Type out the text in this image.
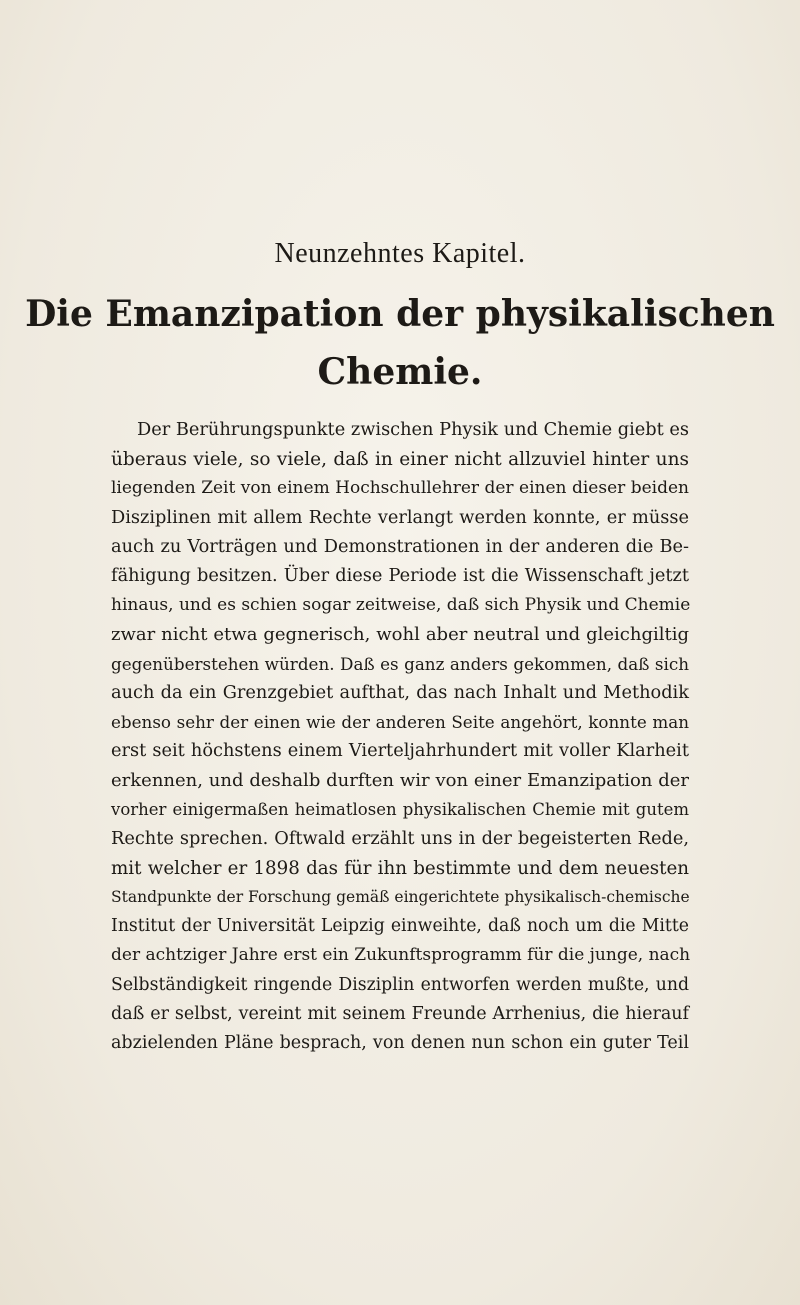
Neunzehntes Kapitel.
Die Emanzipation der physikalischen
Chemie.
Der Berührungspunkte zwischen Physik und Chemie giebt es
überaus viele, so viele, daß in einer nicht allzuviel hinter uns
liegenden Zeit von einem Hochschullehrer der einen dieser beiden
Disziplinen mit allem Rechte verlangt werden konnte, er müsse
auch zu Vorträgen und Demonstrationen in der anderen die Be-
fähigung besitzen. Über diese Periode ist die Wissenschaft jetzt
hinaus, und es schien sogar zeitweise, daß sich Physik und Chemie
zwar nicht etwa gegnerisch, wohl aber neutral und gleichgiltig
gegenüberstehen würden. Daß es ganz anders gekommen, daß sich
auch da ein Grenzgebiet aufthat, das nach Inhalt und Methodik
ebenso sehr der einen wie der anderen Seite angehört, konnte man
erst seit höchstens einem Vierteljahrhundert mit voller Klarheit
erkennen, und deshalb durften wir von einer Emanzipation der
vorher einigermaßen heimatlosen physikalischen Chemie mit gutem
Rechte sprechen. Oftwald erzählt uns in der begeisterten Rede,
mit welcher er 1898 das für ihn bestimmte und dem neuesten
Standpunkte der Forschung gemäß eingerichtete physikalisch-chemische
Institut der Universität Leipzig einweihte, daß noch um die Mitte
der achtziger Jahre erst ein Zukunftsprogramm für die junge, nach
Selbständigkeit ringende Disziplin entworfen werden mußte, und
daß er selbst, vereint mit seinem Freunde Arrhenius, die hierauf
abzielenden Pläne besprach, von denen nun schon ein guter Teil
